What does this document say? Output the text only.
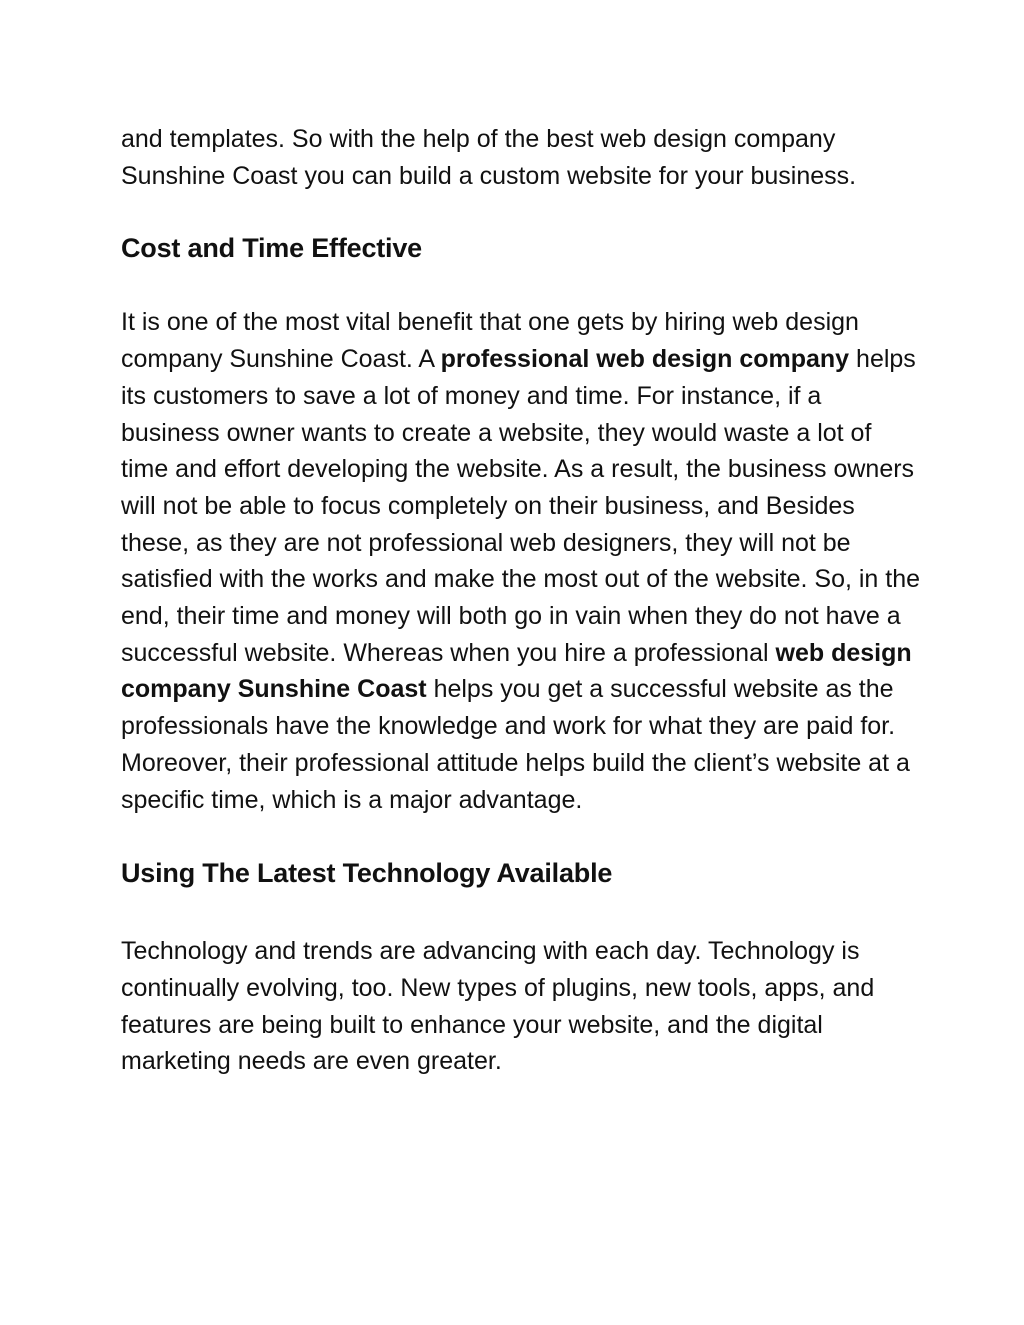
and templates. So with the help of the best web design company Sunshine Coast you can build a custom website for your business.

Cost and Time Effective

It is one of the most vital benefit that one gets by hiring web design company Sunshine Coast. A professional web design company helps its customers to save a lot of money and time. For instance, if a business owner wants to create a website, they would waste a lot of time and effort developing the website. As a result, the business owners will not be able to focus completely on their business, and Besides these, as they are not professional web designers, they will not be satisfied with the works and make the most out of the website. So, in the end, their time and money will both go in vain when they do not have a successful website. Whereas when you hire a professional web design company Sunshine Coast helps you get a successful website as the professionals have the knowledge and work for what they are paid for. Moreover, their professional attitude helps build the client’s website at a specific time, which is a major advantage.

Using The Latest Technology Available

Technology and trends are advancing with each day. Technology is continually evolving, too. New types of plugins, new tools, apps, and features are being built to enhance your website, and the digital marketing needs are even greater.
